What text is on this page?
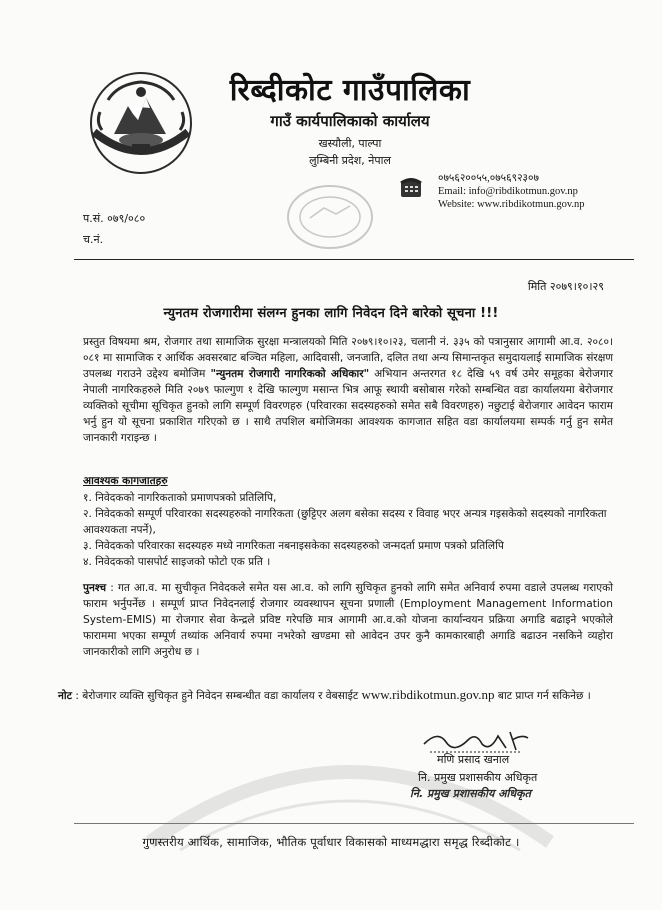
रिब्दीकोट गाउँपालिका
गाउँ कार्यपालिकाको कार्यालय
खस्यौली, पाल्पा
लुम्बिनी प्रदेश, नेपाल
०७५६२००५५,०७५६९२३०७
Email: info@ribdikotmun.gov.np
Website: www.ribdikotmun.gov.np
प.सं. ०७९/०८०
च.नं.
मिति २०७९।१०।२९
न्युनतम रोजगारीमा संलग्न हुनका लागि निवेदन दिने बारेको सूचना !!!
प्रस्तुत विषयमा श्रम, रोजगार तथा सामाजिक सुरक्षा मन्त्रालयको मिति २०७९।१०।२३, चलानी नं. ३३५ को पत्रानुसार आगामी आ.व. २०८०।०८१ मा सामाजिक र आर्थिक अवसरबाट बञ्चित महिला, आदिवासी, जनजाति, दलित तथा अन्य सिमान्तकृत समुदायलाई सामाजिक संरक्षण उपलब्ध गराउने उद्देश्य बमोजिम "न्युनतम रोजगारी नागरिकको अधिकार" अभियान अन्तरगत १८ देखि ५९ वर्ष उमेर समूहका बेरोजगार नेपाली नागरिकहरुले मिति २०७९ फाल्गुण १ देखि फाल्गुण मसान्त भित्र आफू स्थायी बसोबास गरेको सम्बन्धित वडा कार्यालयमा बेरोजगार व्यक्तिको सूचीमा सूचिकृत हुनको लागि सम्पूर्ण विवरणहरु (परिवारका सदस्यहरुको समेत सबै विवरणहरु) नछुटाई बेरोजगार आवेदन फाराम भर्नु हुन यो सूचना प्रकाशित गरिएको छ । साथै तपशिल बमोजिमका आवश्यक कागजात सहित वडा कार्यालयमा सम्पर्क गर्नु हुन समेत जानकारी गराइन्छ ।
आवश्यक कागजातहरु
१. निवेदकको नागरिकताको प्रमाणपत्रको प्रतिलिपि,
२. निवेदकको सम्पूर्ण परिवारका सदस्यहरुको नागरिकता (छुट्टिएर अलग बसेका सदस्य र विवाह भएर अन्यत्र गइसकेको सदस्यको नागरिकता आवश्यकता नपर्ने),
३. निवेदकको परिवारका सदस्यहरु मध्ये नागरिकता नबनाइसकेका सदस्यहरुको जन्मदर्ता प्रमाण पत्रको प्रतिलिपि
४. निवेदकको पासपोर्ट साइजको फोटो एक प्रति ।
पुनश्च : गत आ.व. मा सुचीकृत निवेदकले समेत यस आ.व. को लागि सुचिकृत हुनको लागि समेत अनिवार्य रुपमा वडाले उपलब्ध गराएको फाराम भर्नुपर्नेछ । सम्पूर्ण प्राप्त निवेदनलाई रोजगार व्यवस्थापन सूचना प्रणाली (Employment Management Information System-EMIS) मा रोजगार सेवा केन्द्रले प्रविष्ट गरेपछि मात्र आगामी आ.व.को योजना कार्यान्वयन प्रक्रिया अगाडि बढाइने भएकोले फाराममा भएका सम्पूर्ण तथ्यांक अनिवार्य रुपमा नभरेको खण्डमा सो आवेदन उपर कुनै कामकारबाही अगाडि बढाउन नसकिने व्यहोरा जानकारीको लागि अनुरोध छ ।
नोट : बेरोजगार व्यक्ति सुचिकृत हुने निवेदन सम्बन्धीत वडा कार्यालय र वेबसाईट www.ribdikotmun.gov.np बाट प्राप्त गर्न सकिनेछ ।
मणि प्रसाद खनाल
नि. प्रमुख प्रशासकीय अधिकृत
नि. प्रमुख प्रशासकीय अधिकृत
गुणस्तरीय आर्थिक, सामाजिक, भौतिक पूर्वाधार विकासको माध्यमद्धारा समृद्ध रिब्दीकोट ।
